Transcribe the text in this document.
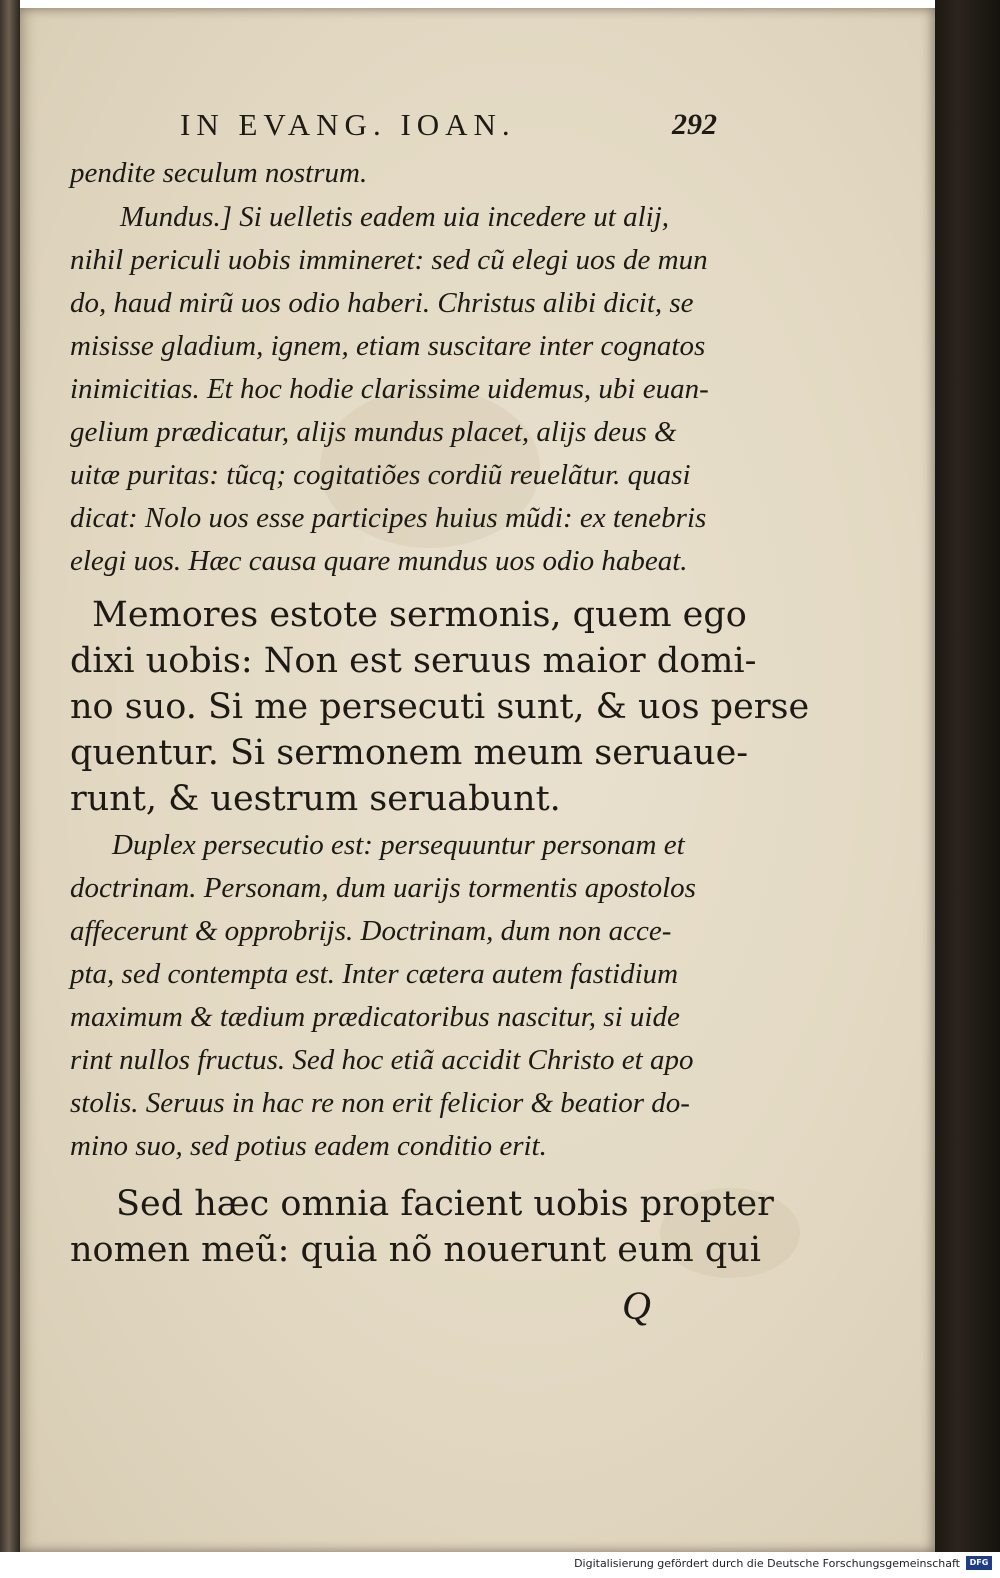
IN EVANG. IOAN.	292
pendite seculum nostrum.
Mundus.] Si uelletis eadem uia incedere ut alij,
nihil periculi uobis immineret: sed cũ elegi uos de mun
do, haud mirũ uos odio haberi. Christus alibi dicit, se
misisse gladium, ignem, etiam suscitare inter cognatos
inimicitias. Et hoc hodie clarissime uidemus, ubi euan-
gelium prædicatur, alijs mundus placet, alijs deus &
uitæ puritas: tũcq; cogitatiões cordiũ reuelãtur. quasi
dicat: Nolo uos esse participes huius mũdi: ex tenebris
elegi uos. Hæc causa quare mundus uos odio habeat.
Memores estote sermonis, quem ego
dixi uobis: Non est seruus maior domi-
no suo. Si me persecuti sunt, & uos perse
quentur. Si sermonem meum seruaue-
runt, & uestrum seruabunt.
Duplex persecutio est: persequuntur personam et
doctrinam. Personam, dum uarijs tormentis apostolos
affecerunt & opprobrijs. Doctrinam, dum non acce-
pta, sed contempta est. Inter cætera autem fastidium
maximum & tædium prædicatoribus nascitur, si uide
rint nullos fructus. Sed hoc etiã accidit Christo et apo
stolis. Seruus in hac re non erit felicior & beatior do-
mino suo, sed potius eadem conditio erit.
Sed hæc omnia facient uobis propter
nomen meũ: quia nõ nouerunt eum qui
Q
Digitalisierung gefördert durch die Deutsche Forschungsgemeinschaft	DFG
